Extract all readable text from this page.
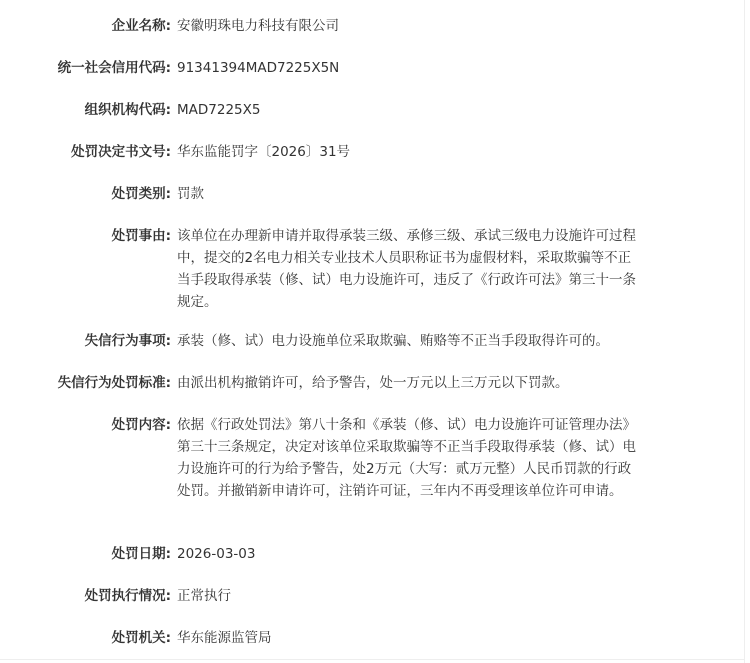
企业名称: 安徽明珠电力科技有限公司
统一社会信用代码: 91341394MAD7225X5N
组织机构代码: MAD7225X5
处罚决定书文号: 华东监能罚字〔2026〕31号
处罚类别: 罚款
处罚事由: 该单位在办理新申请并取得承装三级、承修三级、承试三级电力设施许可过程中，提交的2名电力相关专业技术人员职称证书为虚假材料，采取欺骗等不正当手段取得承装（修、试）电力设施许可，违反了《行政许可法》第三十一条规定。
失信行为事项: 承装（修、试）电力设施单位采取欺骗、贿赂等不正当手段取得许可的。
失信行为处罚标准: 由派出机构撤销许可，给予警告，处一万元以上三万元以下罚款。
处罚内容: 依据《行政处罚法》第八十条和《承装（修、试）电力设施许可证管理办法》第三十三条规定，决定对该单位采取欺骗等不正当手段取得承装（修、试）电力设施许可的行为给予警告，处2万元（大写：贰万元整）人民币罚款的行政处罚。并撤销新申请许可，注销许可证，三年内不再受理该单位许可申请。
处罚日期: 2026-03-03
处罚执行情况: 正常执行
处罚机关: 华东能源监管局
